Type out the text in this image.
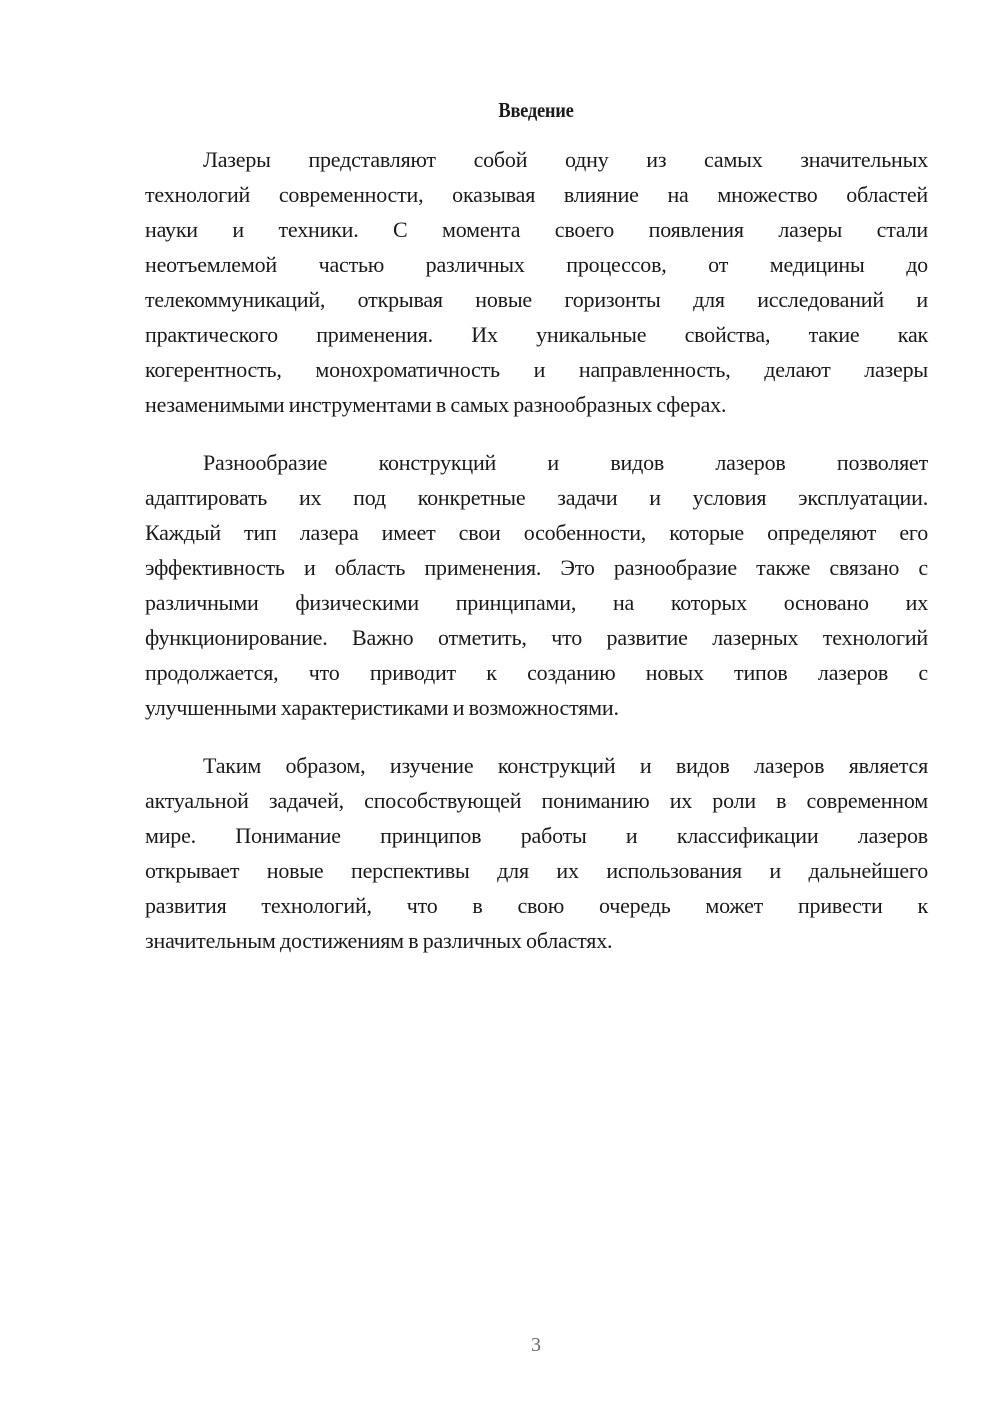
Введение
Лазеры представляют собой одну из самых значительных
технологий современности, оказывая влияние на множество областей
науки и техники. С момента своего появления лазеры стали
неотъемлемой частью различных процессов, от медицины до
телекоммуникаций, открывая новые горизонты для исследований и
практического применения. Их уникальные свойства, такие как
когерентность, монохроматичность и направленность, делают лазеры
незаменимыми инструментами в самых разнообразных сферах.
Разнообразие конструкций и видов лазеров позволяет
адаптировать их под конкретные задачи и условия эксплуатации.
Каждый тип лазера имеет свои особенности, которые определяют его
эффективность и область применения. Это разнообразие также связано с
различными физическими принципами, на которых основано их
функционирование. Важно отметить, что развитие лазерных технологий
продолжается, что приводит к созданию новых типов лазеров с
улучшенными характеристиками и возможностями.
Таким образом, изучение конструкций и видов лазеров является
актуальной задачей, способствующей пониманию их роли в современном
мире. Понимание принципов работы и классификации лазеров
открывает новые перспективы для их использования и дальнейшего
развития технологий, что в свою очередь может привести к
значительным достижениям в различных областях.
3
